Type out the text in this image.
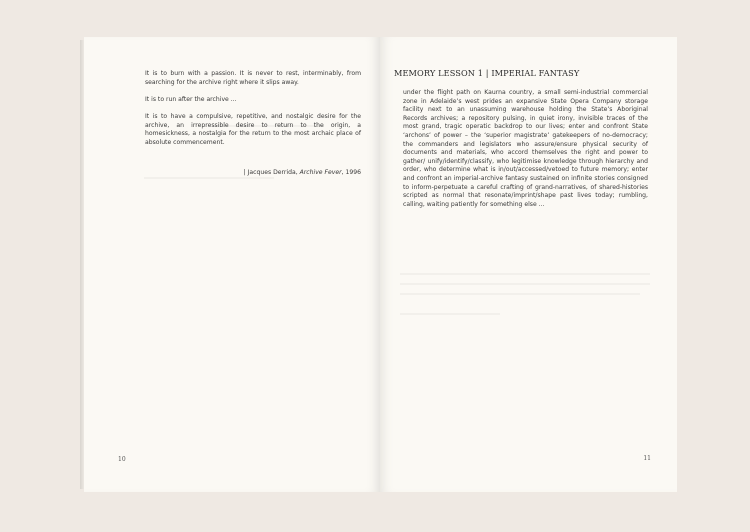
It is to burn with a passion. It is never to rest, interminably, from searching for the archive right where it slips away.

It is to run after the archive ...

It is to have a compulsive, repetitive, and nostalgic desire for the archive, an irrepressible desire to return to the origin, a homesickness, a nostalgia for the return to the most archaic place of absolute commencement.

| Jacques Derrida, Archive Fever, 1996
10
MEMORY LESSON 1 | IMPERIAL FANTASY
under the flight path on Kaurna country, a small semi-industrial commercial zone in Adelaide’s west prides an expansive State Opera Company storage facility next to an unassuming warehouse holding the State’s Aboriginal Records archives; a repository pulsing, in quiet irony, invisible traces of the most grand, tragic operatic backdrop to our lives; enter and confront State ‘archons’ of power – the ‘superior magistrate’ gatekeepers of no-democracy; the commanders and legislators who assure/ensure physical security of documents and materials, who accord themselves the right and power to gather/ unify/identify/classify, who legitimise knowledge through hierarchy and order, who determine what is in/out/accessed/vetoed to future memory; enter and confront an imperial-archive fantasy sustained on infinite stories consigned to inform-perpetuate a careful crafting of grand-narratives, of shared-histories scripted as normal that resonate/imprint/shape past lives today; rumbling, calling, waiting patiently for something else ...
11
